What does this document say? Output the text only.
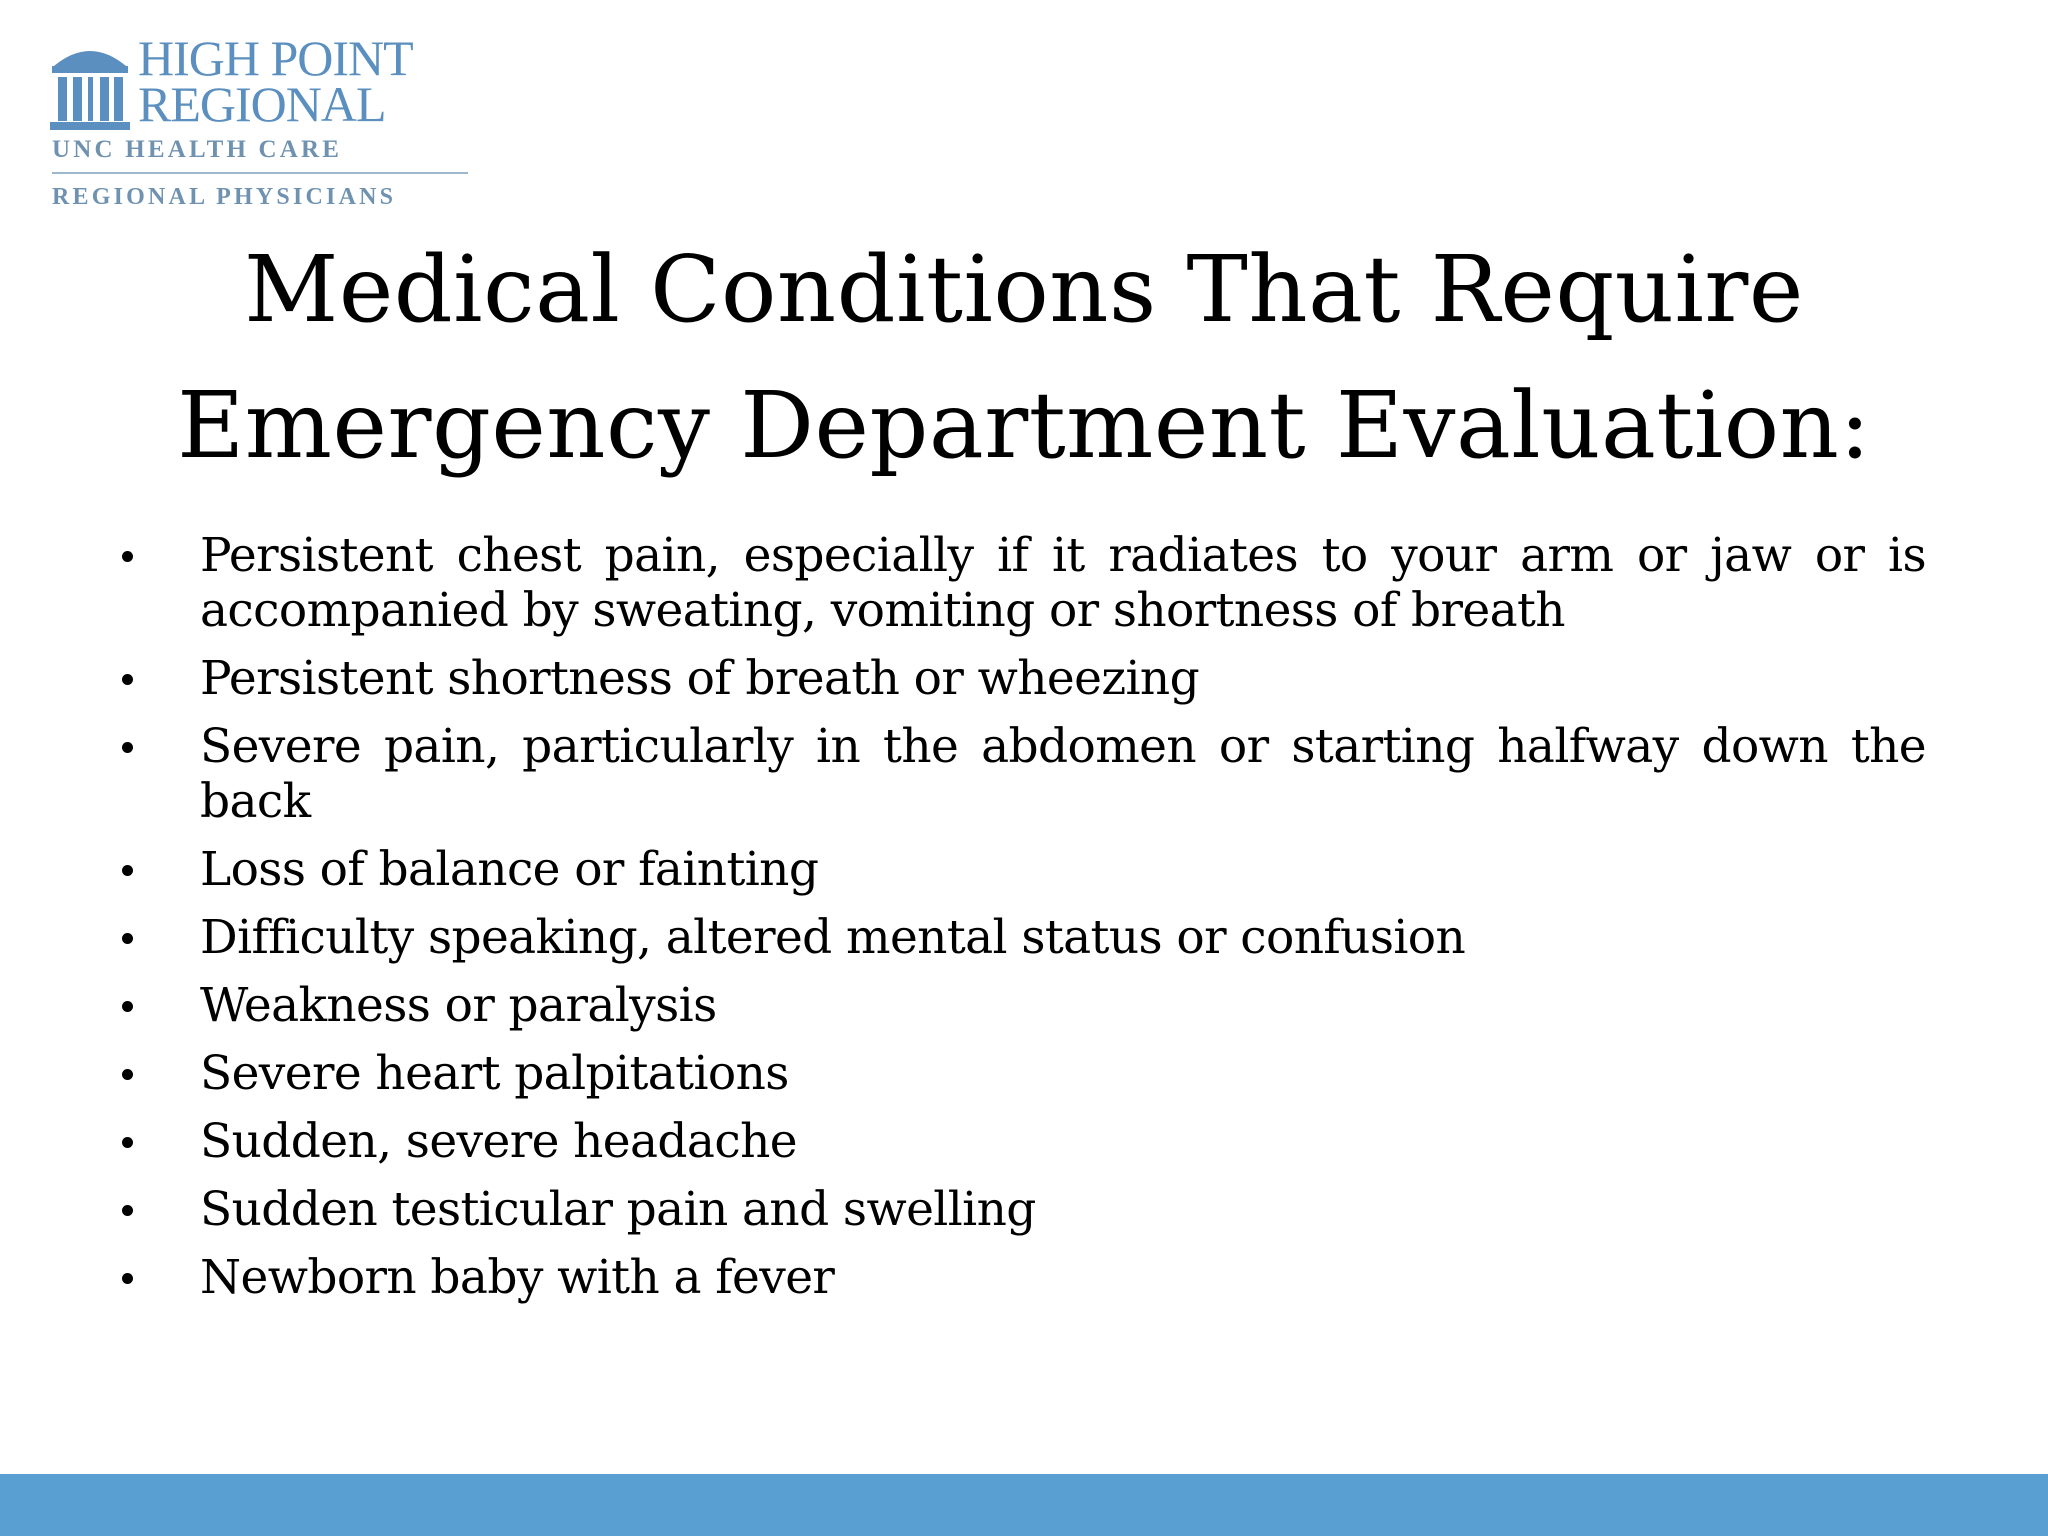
HIGH POINT
REGIONAL
UNC HEALTH CARE
REGIONAL PHYSICIANS
Medical Conditions That Require
Emergency Department Evaluation:
Persistent chest pain, especially if it radiates to your arm or jaw or is accompanied by sweating, vomiting or shortness of breath
Persistent shortness of breath or wheezing
Severe pain, particularly in the abdomen or starting halfway down the back
Loss of balance or fainting
Difficulty speaking, altered mental status or confusion
Weakness or paralysis
Severe heart palpitations
Sudden, severe headache
Sudden testicular pain and swelling
Newborn baby with a fever
